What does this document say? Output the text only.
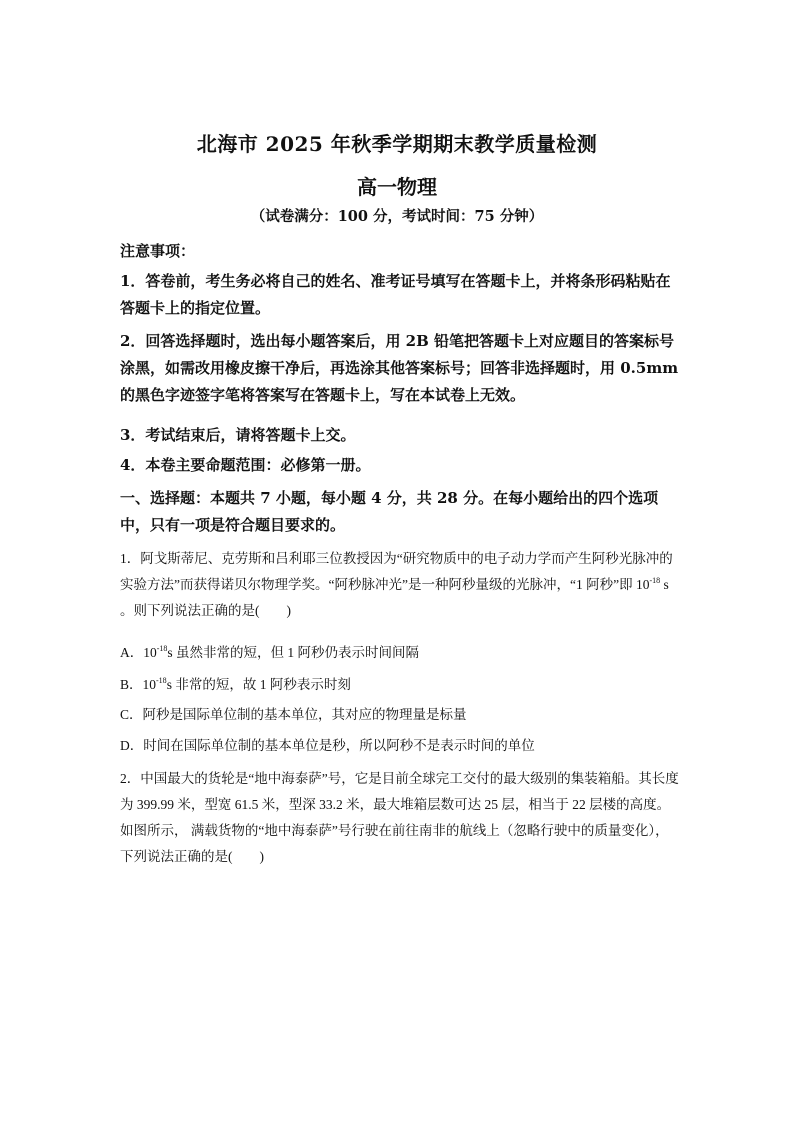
北海市 2025 年秋季学期期末教学质量检测
高一物理
（试卷满分：100 分，考试时间：75 分钟）
注意事项：
1．答卷前，考生务必将自己的姓名、准考证号填写在答题卡上，并将条形码粘贴在答题卡上的指定位置。
2．回答选择题时，选出每小题答案后，用 2B 铅笔把答题卡上对应题目的答案标号涂黑，如需改用橡皮擦干净后，再选涂其他答案标号；回答非选择题时，用 0.5mm 的黑色字迹签字笔将答案写在答题卡上，写在本试卷上无效。
3．考试结束后，请将答题卡上交。
4．本卷主要命题范围：必修第一册。
一、选择题：本题共 7 小题，每小题 4 分，共 28 分。在每小题给出的四个选项中，只有一项是符合题目要求的。
1．阿戈斯蒂尼、克劳斯和吕利耶三位教授因为“研究物质中的电子动力学而产生阿秒光脉冲的实验方法”而获得诺贝尔物理学奖。“阿秒脉冲光”是一种阿秒量级的光脉冲，“1 阿秒”即 $10^{-18}$ s 。则下列说法正确的是(　　)
A．$10^{-18}s$ 虽然非常的短，但 1 阿秒仍表示时间间隔
B．$10^{-18}s$ 非常的短，故 1 阿秒表示时刻
C．阿秒是国际单位制的基本单位，其对应的物理量是标量
D．时间在国际单位制的基本单位是秒，所以阿秒不是表示时间的单位
2．中国最大的货轮是“地中海泰萨”号，它是目前全球完工交付的最大级别的集装箱船。其长度为 399.99 米，型宽 61.5 米，型深 33.2 米，最大堆箱层数可达 25 层，相当于 22 层楼的高度。如图所示， 满载货物的“地中海泰萨”号行驶在前往南非的航线上（忽略行驶中的质量变化），下列说法正确的是(　　)
